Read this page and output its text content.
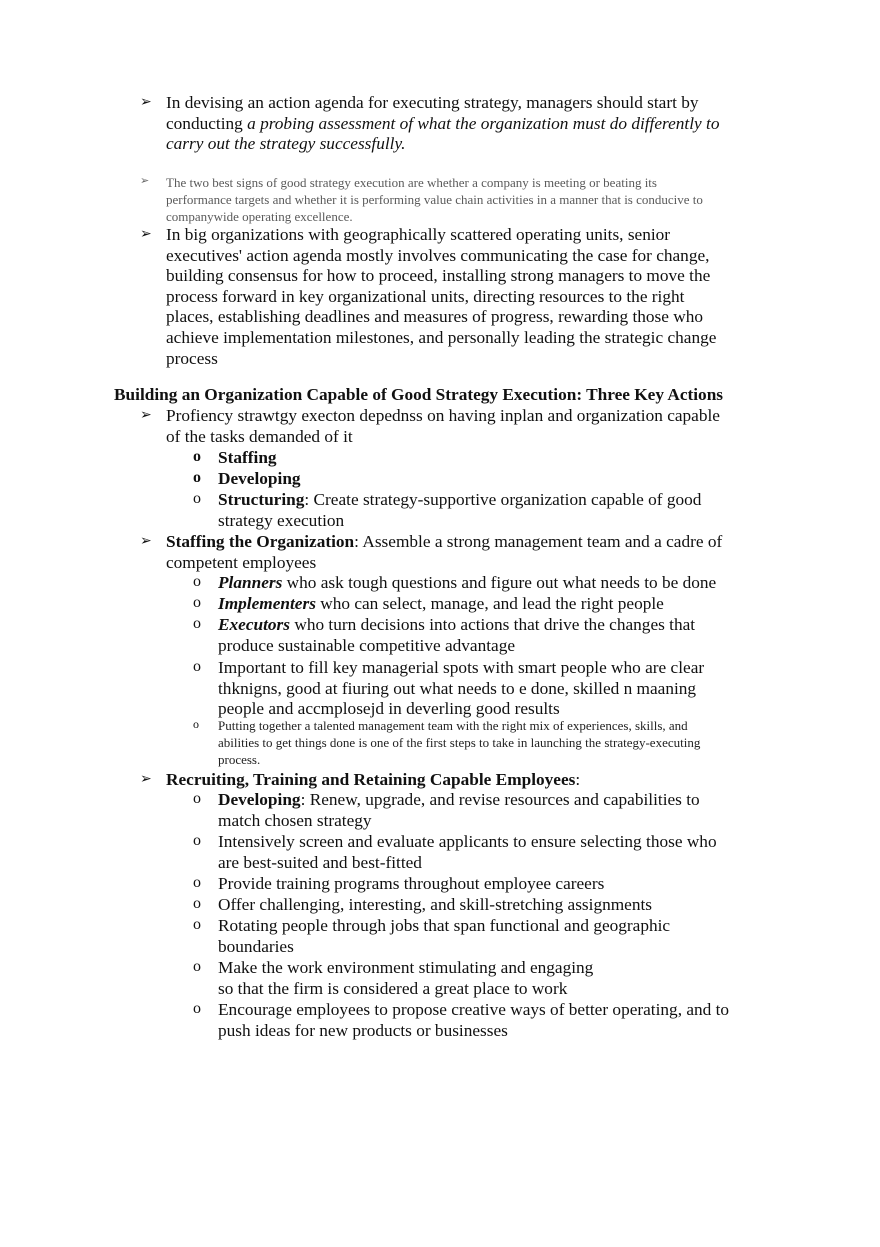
Building an Organization Capable of Good Strategy Execution: Three Key Actions
➢ In devising an action agenda for executing strategy, managers should start by
conducting a probing assessment of what the organization must do differently to
carry out the strategy successfully.
➢ The two best signs of good strategy execution are whether a company is meeting or beating its
performance targets and whether it is performing value chain activities in a manner that is conducive to
companywide operating excellence.
➢ In big organizations with geographically scattered operating units, senior
executives' action agenda mostly involves communicating the case for change,
building consensus for how to proceed, installing strong managers to move the
process forward in key organizational units, directing resources to the right
places, establishing deadlines and measures of progress, rewarding those who
achieve implementation milestones, and personally leading the strategic change
process
➢ Profiency strawtgy execton depednss on having inplan and organization capable
of the tasks demanded of it
o Staffing
o Developing
o Structuring: Create strategy-supportive organization capable of good
strategy execution
➢ Staffing the Organization: Assemble a strong management team and a cadre of
competent employees
o Planners who ask tough questions and figure out what needs to be done
o Implementers who can select, manage, and lead the right people
o Executors who turn decisions into actions that drive the changes that
produce sustainable competitive advantage
o Important to fill key managerial spots with smart people who are clear
thknigns, good at fiuring out what needs to e done, skilled n maaning
people and accmplosejd in deverling good results
o Putting together a talented management team with the right mix of experiences, skills, and
abilities to get things done is one of the first steps to take in launching the strategy-executing
process.
➢ Recruiting, Training and Retaining Capable Employees:
o Developing: Renew, upgrade, and revise resources and capabilities to
match chosen strategy
o Intensively screen and evaluate applicants to ensure selecting those who
are best-suited and best-fitted
o Provide training programs throughout employee careers
o Offer challenging, interesting, and skill-stretching assignments
o Rotating people through jobs that span functional and geographic
boundaries
o Make the work environment stimulating and engaging
so that the firm is considered a great place to work
o Encourage employees to propose creative ways of better operating, and to
push ideas for new products or businesses
